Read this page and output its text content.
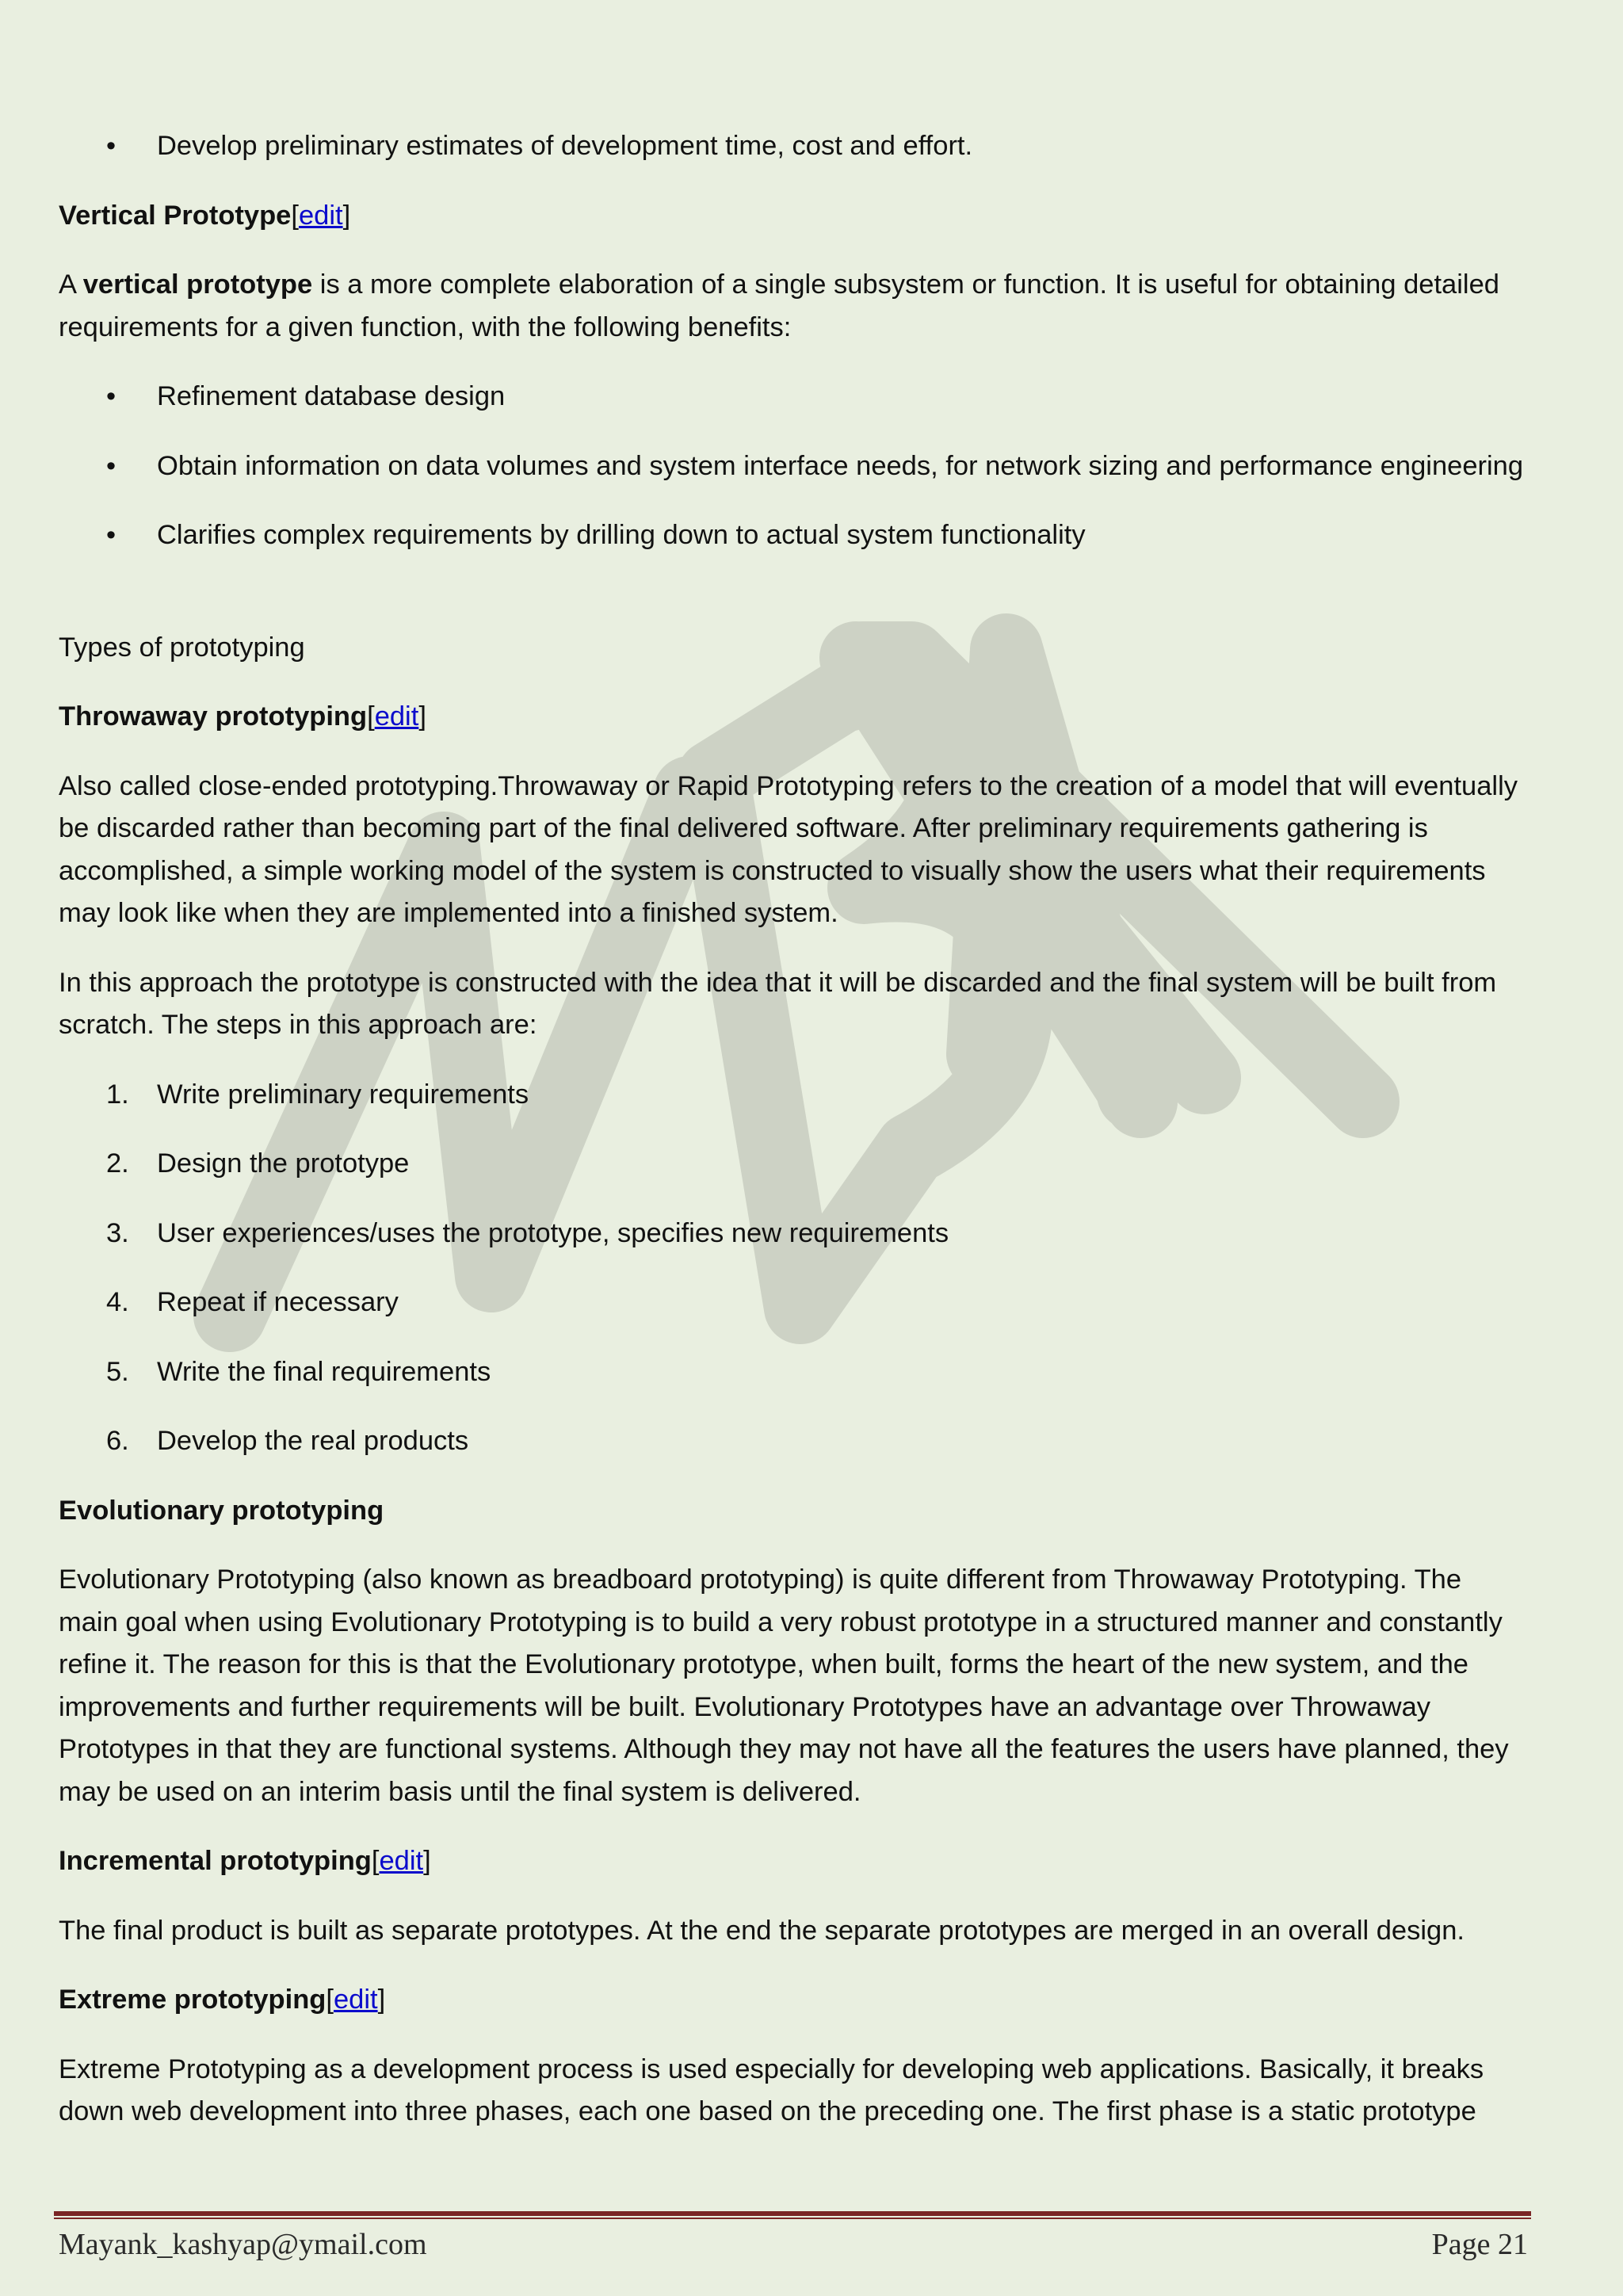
• Develop preliminary estimates of development time, cost and effort.
Vertical Prototype[edit]

A vertical prototype is a more complete elaboration of a single subsystem or function. It is useful for obtaining detailed requirements for a given function, with the following benefits:

• Refinement database design
• Obtain information on data volumes and system interface needs, for network sizing and performance engineering
• Clarifies complex requirements by drilling down to actual system functionality

Types of prototyping

Throwaway prototyping[edit]

Also called close-ended prototyping.Throwaway or Rapid Prototyping refers to the creation of a model that will eventually be discarded rather than becoming part of the final delivered software. After preliminary requirements gathering is accomplished, a simple working model of the system is constructed to visually show the users what their requirements may look like when they are implemented into a finished system.

In this approach the prototype is constructed with the idea that it will be discarded and the final system will be built from scratch. The steps in this approach are:

1. Write preliminary requirements
2. Design the prototype
3. User experiences/uses the prototype, specifies new requirements
4. Repeat if necessary
5. Write the final requirements
6. Develop the real products
Evolutionary prototyping

Evolutionary Prototyping (also known as breadboard prototyping) is quite different from Throwaway Prototyping. The main goal when using Evolutionary Prototyping is to build a very robust prototype in a structured manner and constantly refine it. The reason for this is that the Evolutionary prototype, when built, forms the heart of the new system, and the improvements and further requirements will be built. Evolutionary Prototypes have an advantage over Throwaway Prototypes in that they are functional systems. Although they may not have all the features the users have planned, they may be used on an interim basis until the final system is delivered.

Incremental prototyping[edit]

The final product is built as separate prototypes. At the end the separate prototypes are merged in an overall design.

Extreme prototyping[edit]

Extreme Prototyping as a development process is used especially for developing web applications. Basically, it breaks down web development into three phases, each one based on the preceding one. The first phase is a static prototype

Mayank_kashyap@ymail.com	Page 21
